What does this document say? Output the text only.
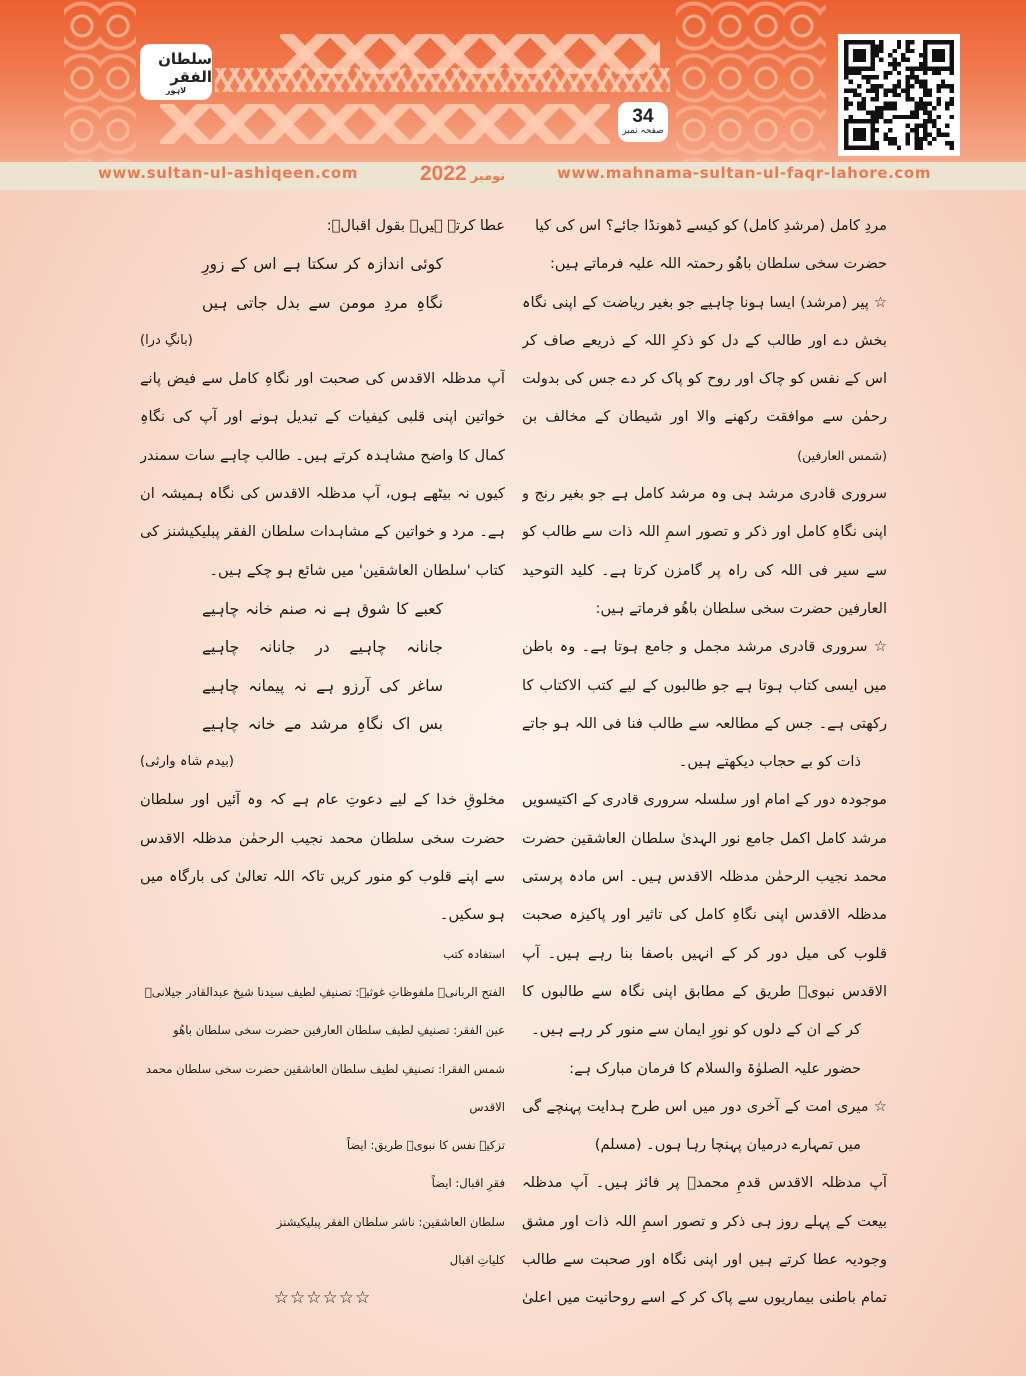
سلطان الفقر
لاہور
34
صفحہ نمبر
www.sultan-ul-ashiqeen.com	نومبر
2022	www.mahnama-sultan-ul-faqr-lahore.com
مردِ کامل (مرشدِ کامل) کو کیسے ڈھونڈا جائے؟ اس کی کیا
حضرت سخی سلطان باھُو رحمتہ اللہ علیہ فرماتے ہیں:
☆ پیر (مرشد) ایسا ہونا چاہیے جو بغیر ریاضت کے اپنی نگاہ
بخش دے اور طالب کے دل کو ذکرِ اللہ کے ذریعے صاف کر
اس کے نفس کو چاک اور روح کو پاک کر دے جس کی بدولت
رحمٰن سے موافقت رکھنے والا اور شیطان کے مخالف بن
(شمس العارفین)
سروری قادری مرشد ہی وہ مرشد کامل ہے جو بغیر رنج و
اپنی نگاہِ کامل اور ذکر و تصور اسمِ اللہ ذات سے طالب کو
سے سیر فی اللہ کی راہ پر گامزن کرتا ہے۔ کلید التوحید
العارفین حضرت سخی سلطان باھُو فرماتے ہیں:
☆ سروری قادری مرشد مجمل و جامع ہوتا ہے۔ وہ باطن
میں ایسی کتاب ہوتا ہے جو طالبوں کے لیے کتب الاکتاب کا
رکھتی ہے۔ جس کے مطالعہ سے طالب فنا فی اللہ ہو جاتے
ذات کو بے حجاب دیکھتے ہیں۔
موجودہ دور کے امام اور سلسلہ سروری قادری کے اکتیسویں
مرشد کامل اکمل جامع نور الہدیٰ سلطان العاشقین حضرت
محمد نجیب الرحمٰن مدظلہ الاقدس ہیں۔ اس مادہ پرستی
مدظلہ الاقدس اپنی نگاہِ کامل کی تاثیر اور پاکیزہ صحبت
قلوب کی میل دور کر کے انہیں باصفا بنا رہے ہیں۔ آپ
الاقدس نبویؐ طریق کے مطابق اپنی نگاہ سے طالبوں کا
کر کے ان کے دلوں کو نورِ ایمان سے منور کر رہے ہیں۔
حضور علیہ الصلوٰۃ والسلام کا فرمان مبارک ہے:
☆ میری امت کے آخری دور میں اس طرح ہدایت پہنچے گی
میں تمہارے درمیان پہنچا رہا ہوں۔ (مسلم)
آپ مدظلہ الاقدس قدمِ محمدؐ پر فائز ہیں۔ آپ مدظلہ
بیعت کے پہلے روز ہی ذکر و تصور اسمِ اللہ ذات اور مشق
وجودیہ عطا کرتے ہیں اور اپنی نگاہ اور صحبت سے طالب
تمام باطنی بیماریوں سے پاک کر کے اسے روحانیت میں اعلیٰ
عطا کرتے ہیں۔ بقول اقبالؔ:
کوئی اندازہ کر سکتا ہے اس کے زورِ
نگاہِ مردِ مومن سے بدل جاتی ہیں
(بانگِ درا)
آپ مدظلہ الاقدس کی صحبت اور نگاہِ کامل سے فیض پانے
خواتین اپنی قلبی کیفیات کے تبدیل ہونے اور آپ کی نگاہِ
کمال کا واضح مشاہدہ کرتے ہیں۔ طالب چاہے سات سمندر
کیوں نہ بیٹھے ہوں، آپ مدظلہ الاقدس کی نگاہ ہمیشہ ان
ہے۔ مرد و خواتین کے مشاہدات سلطان الفقر پبلیکیشنز کی
کتاب 'سلطان العاشقین' میں شائع ہو چکے ہیں۔
کعبے کا شوق ہے نہ صنم خانہ چاہیے
جانانہ چاہیے در جانانہ چاہیے
ساغر کی آرزو ہے نہ پیمانہ چاہیے
بس اک نگاہِ مرشد مے خانہ چاہیے
(بیدم شاہ وارثی)
مخلوقِ خدا کے لیے دعوتِ عام ہے کہ وہ آئیں اور سلطان
حضرت سخی سلطان محمد نجیب الرحمٰن مدظلہ الاقدس
سے اپنے قلوب کو منور کریں تاکہ اللہ تعالیٰ کی بارگاہ میں
ہو سکیں۔
استفادہ کتب
الفتح الربانی۔ ملفوظاتِ غوثیہ: تصنیفِ لطیف سیدنا شیخ عبدالقادر جیلانیؓ
عین الفقر: تصنیفِ لطیف سلطان العارفین حضرت سخی سلطان باھُو
شمس الفقرا: تصنیفِ لطیف سلطان العاشقین حضرت سخی سلطان محمد
الاقدس
تزکیۂ نفس کا نبویؐ طریق: ایضاً
فقرِ اقبال: ایضاً
سلطان العاشقین: ناشر سلطان الفقر پبلیکیشنز
کلیاتِ اقبال
☆☆☆☆☆☆
